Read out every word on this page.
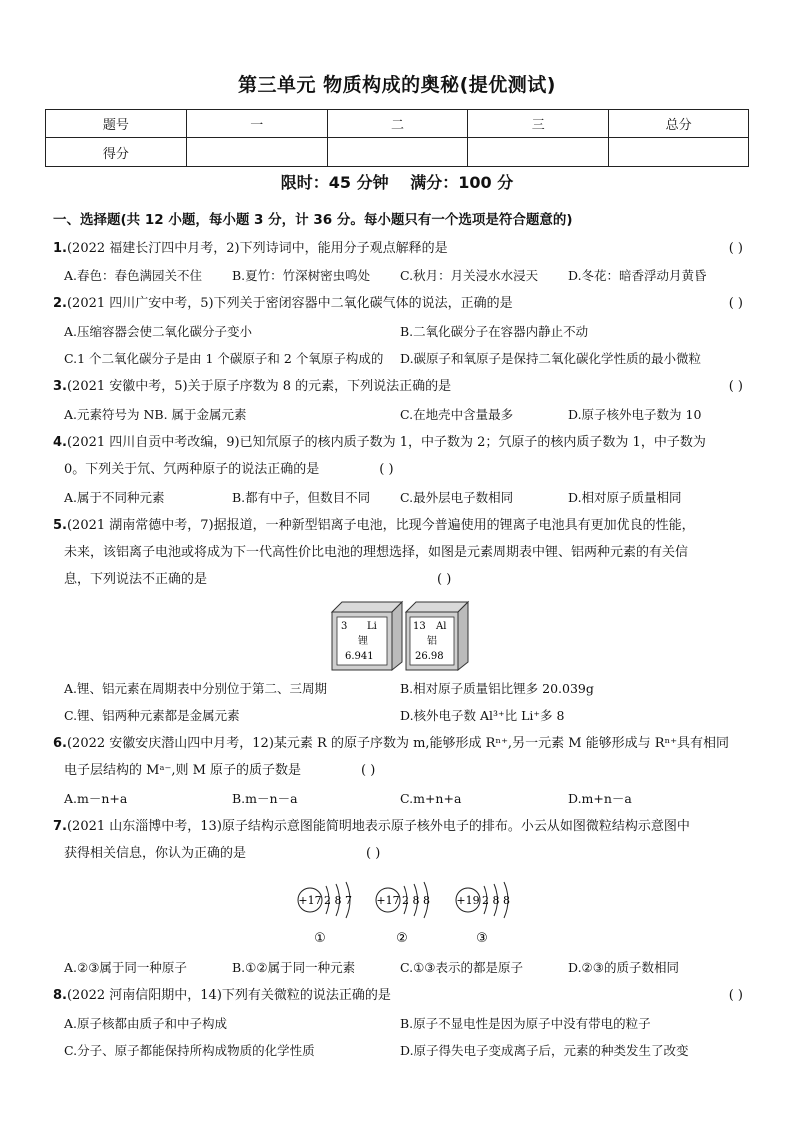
第三单元 物质构成的奥秘(提优测试)
题号	一	二	三	总分
得分				
限时：45 分钟 满分：100 分
一、选择题(共 12 小题，每小题 3 分，计 36 分。每小题只有一个选项是符合题意的)
1.(2022 福建长汀四中月考，2)下列诗词中，能用分子观点解释的是	( )
A.春色：春色满园关不住 B.夏竹：竹深树密虫鸣处 C.秋月：月关浸水水浸天 D.冬花：暗香浮动月黄昏
2.(2021 四川广安中考，5)下列关于密闭容器中二氧化碳气体的说法，正确的是	( )
A.压缩容器会使二氧化碳分子变小	B.二氧化碳分子在容器内静止不动
C.1 个二氧化碳分子是由 1 个碳原子和 2 个氧原子构成的 D.碳原子和氧原子是保持二氧化碳化学性质的最小微粒
3.(2021 安徽中考，5)关于原子序数为 8 的元素，下列说法正确的是	( )
A.元素符号为 NB. 属于金属元素	C.在地壳中含量最多	D.原子核外电子数为 10
4.(2021 四川自贡中考改编，9)已知氘原子的核内质子数为 1，中子数为 2；氕原子的核内质子数为 1，中子数为
0。下列关于氘、氕两种原子的说法正确的是	( )
A.属于不同种元素	B.都有中子，但数目不同 C.最外层电子数相同	D.相对原子质量相同
5.(2021 湖南常德中考，7)据报道，一种新型铝离子电池，比现今普遍使用的锂离子电池具有更加优良的性能，
未来，该铝离子电池或将成为下一代高性价比电池的理想选择，如图是元素周期表中锂、铝两种元素的有关信
息，下列说法不正确的是	( )
3 Li
锂
6.941
13 Al
铝
26.98
A.锂、铝元素在周期表中分别位于第二、三周期	B.相对原子质量铝比锂多 20.039g
C.锂、铝两种元素都是金属元素	D.核外电子数 Al³⁺比 Li⁺多 8
6.(2022 安徽安庆潜山四中月考，12)某元素 R 的原子序数为 m,能够形成 Rⁿ⁺,另一元素 M 能够形成与 Rⁿ⁺具有相同
电子层结构的 Mᵃ⁻,则 M 原子的质子数是	( )
A.m－n+a	B.m－n－a	C.m+n+a	D.m+n－a
7.(2021 山东淄博中考，13)原子结构示意图能简明地表示原子核外电子的排布。小云从如图微粒结构示意图中
获得相关信息，你认为正确的是	( )
+17 2 8 7
①
+17 2 8 8
②
+19 2 8 8
③
A.②③属于同一种原子	B.①②属于同一种元素	C.①③表示的都是原子	D.②③的质子数相同
8.(2022 河南信阳期中，14)下列有关微粒的说法正确的是	( )
A.原子核都由质子和中子构成	B.原子不显电性是因为原子中没有带电的粒子
C.分子、原子都能保持所构成物质的化学性质	D.原子得失电子变成离子后，元素的种类发生了改变
